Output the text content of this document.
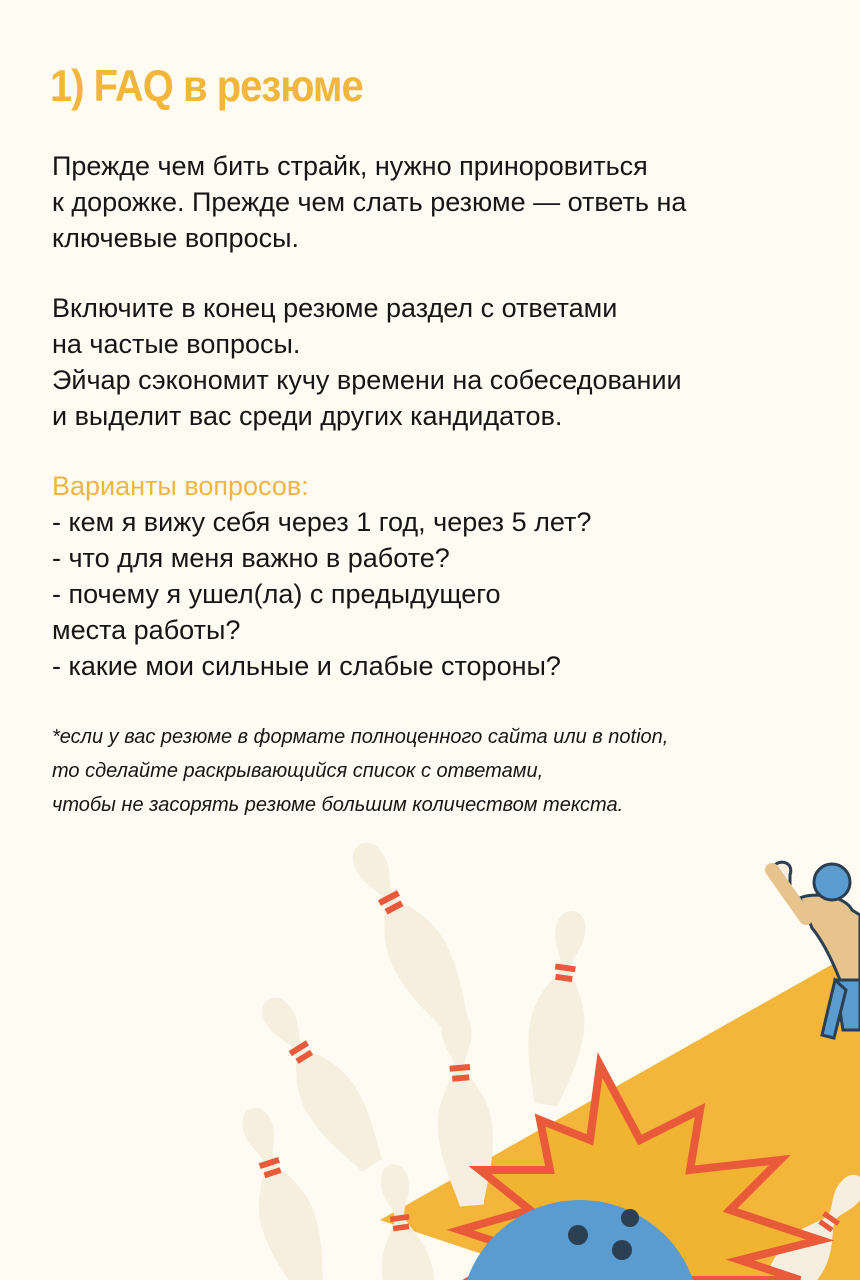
1) FAQ в резюме

Прежде чем бить страйк, нужно приноровиться
к дорожке. Прежде чем слать резюме — ответь на
ключевые вопросы.

Включите в конец резюме раздел с ответами
на частые вопросы.
Эйчар сэкономит кучу времени на собеседовании
и выделит вас среди других кандидатов.

Варианты вопросов:

- кем я вижу себя через 1 год, через 5 лет?
- что для меня важно в работе?
- почему я ушел(ла) с предыдущего
места работы?
- какие мои сильные и слабые стороны?

*если у вас резюме в формате полноценного сайта или в notion,
то сделайте раскрывающийся список с ответами,
чтобы не засорять резюме большим количеством текста.
